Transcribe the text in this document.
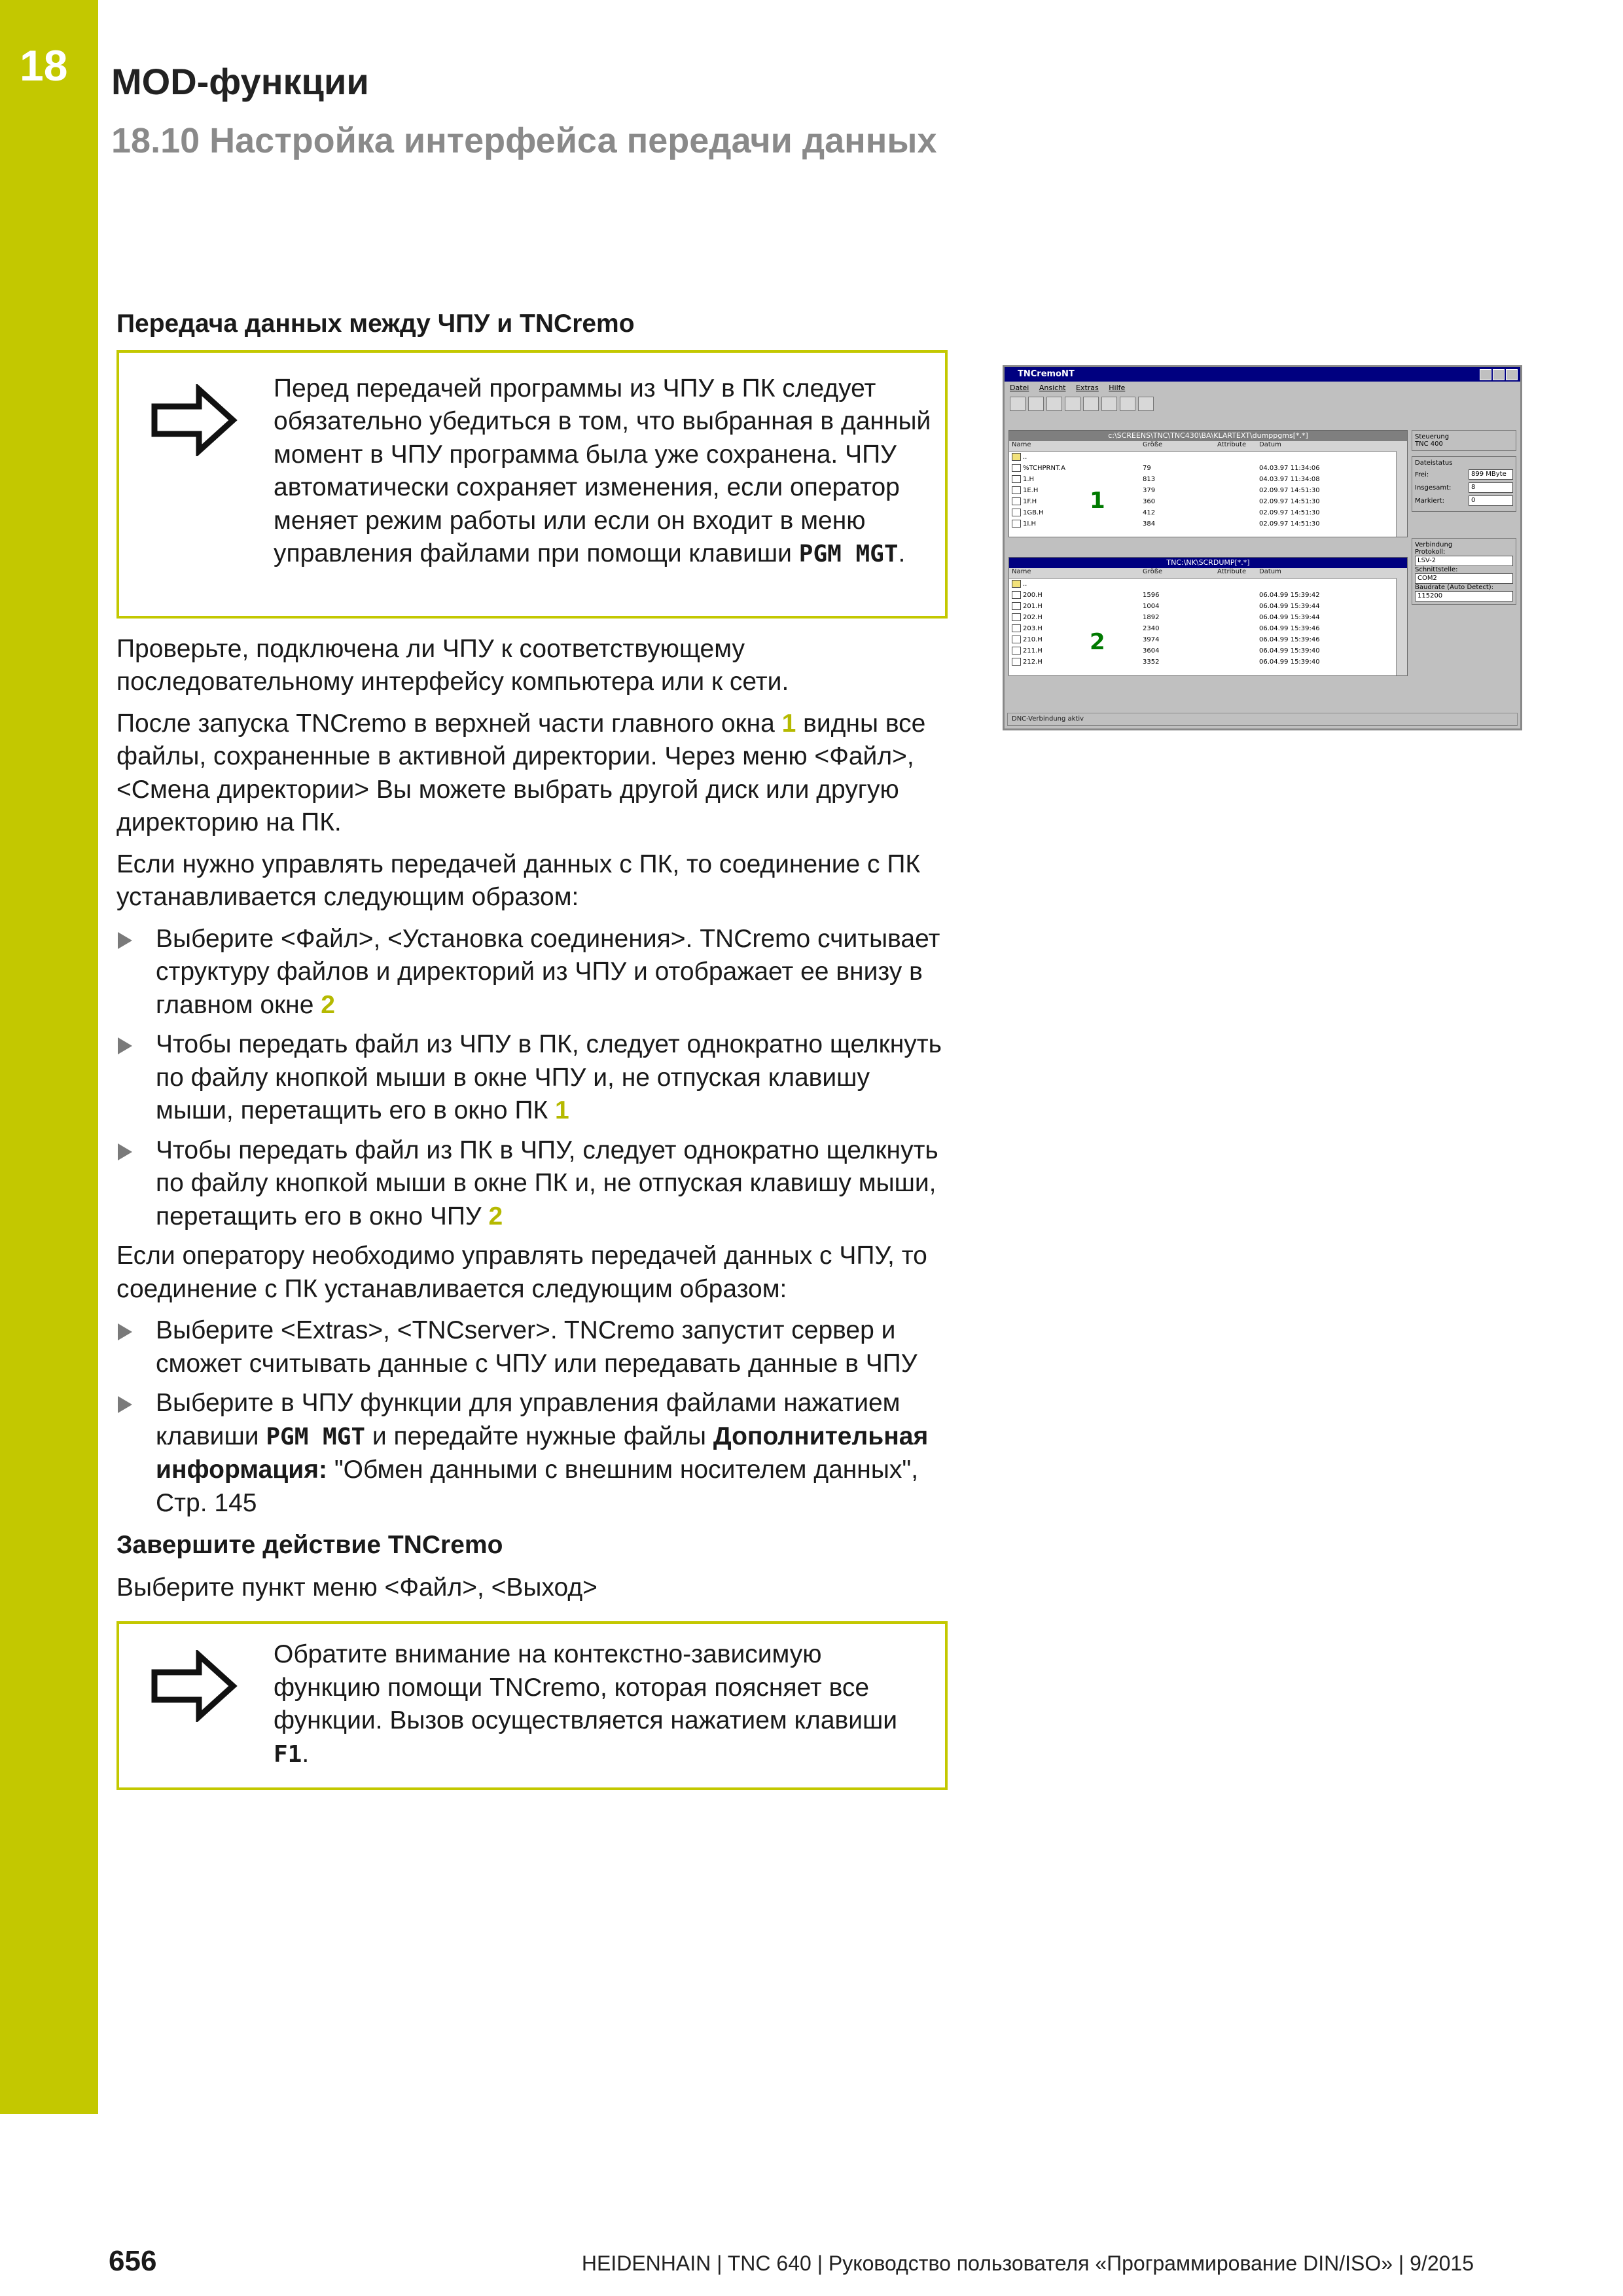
18 MOD-функции
18.10 Настройка интерфейса передачи данных
Передача данных между ЧПУ и TNCremo
Перед передачей программы из ЧПУ в ПК следует обязательно убедиться в том, что выбранная в данный момент в ЧПУ программа была уже сохранена. ЧПУ автоматически сохраняет изменения, если оператор меняет режим работы или если он входит в меню управления файлами при помощи клавиши PGM MGT.
Проверьте, подключена ли ЧПУ к соответствующему последовательному интерфейсу компьютера или к сети.
После запуска TNCremo в верхней части главного окна 1 видны все файлы, сохраненные в активной директории. Через меню <Файл>, <Смена директории> Вы можете выбрать другой диск или другую директорию на ПК.
Если нужно управлять передачей данных с ПК, то соединение с ПК устанавливается следующим образом:
Выберите <Файл>, <Установка соединения>. TNCremo считывает структуру файлов и директорий из ЧПУ и отображает ее внизу в главном окне 2
Чтобы передать файл из ЧПУ в ПК, следует однократно щелкнуть по файлу кнопкой мыши в окне ЧПУ и, не отпуская клавишу мыши, перетащить его в окно ПК 1
Чтобы передать файл из ПК в ЧПУ, следует однократно щелкнуть по файлу кнопкой мыши в окне ПК и, не отпуская клавишу мыши, перетащить его в окно ЧПУ 2
Если оператору необходимо управлять передачей данных с ЧПУ, то соединение с ПК устанавливается следующим образом:
Выберите <Extras>, <TNCserver>. TNCremo запустит сервер и сможет считывать данные с ЧПУ или передавать данные в ЧПУ
Выберите в ЧПУ функции для управления файлами нажатием клавиши PGM MGT и передайте нужные файлы Дополнительная информация: "Обмен данными с внешним носителем данных", Стр. 145
Завершите действие TNCremo
Выберите пункт меню <Файл>, <Выход>
Обратите внимание на контекстно-зависимую функцию помощи TNCremo, которая поясняет все функции. Вызов осуществляется нажатием клавиши F1.
TNCremoNT
Datei Ansicht Extras Hilfe
c:\SCREENS\TNC\TNC430\BA\KLARTEXT\dumppgms[*.*]
Name	Größe	Attribute	Datum
..
%TCHPRNT.A	79	04.03.97 11:34:06
1.H	813	04.03.97 11:34:08
1E.H	379	02.09.97 14:51:30
1F.H	360	02.09.97 14:51:30
1GB.H	412	02.09.97 14:51:30
1I.H	384	02.09.97 14:51:30
1
TNC:\NK\SCRDUMP[*.*]
Name	Größe	Attribute	Datum
..
200.H	1596	06.04.99 15:39:42
201.H	1004	06.04.99 15:39:44
202.H	1892	06.04.99 15:39:44
203.H	2340	06.04.99 15:39:46
210.H	3974	06.04.99 15:39:46
211.H	3604	06.04.99 15:39:40
212.H	3352	06.04.99 15:39:40
2
Steuerung
TNC 400
Dateistatus
Frei:	899 MByte
Insgesamt:	8
Markiert:	0
Verbindung
Protokoll:
LSV-2
Schnittstelle:
COM2
Baudrate (Auto Detect):
115200
DNC-Verbindung aktiv
656	HEIDENHAIN | TNC 640 | Руководство пользователя «Программирование DIN/ISO» | 9/2015
